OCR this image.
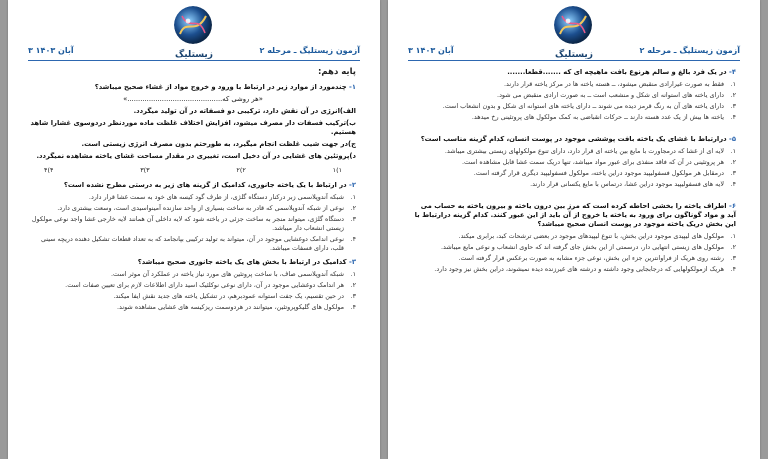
آزمون زیستلیگ ـ مرحله ۲
زیستلیگ
۳ آبان ۱۴۰۳
پایه دهم:
۱- چندمورد از موارد زیر در ارتباط با ورود و خروج مواد از غشاء صحیح میباشد؟
«هر روشی که............................................»
الف)انرژی در آن نقش دارد، ترکیبی دو فسفاته در آن تولید میگردد.
ب)ترکیب فسفات دار مصرف میشود، افزایش اختلاف غلظت ماده موردنظر دردوسوی غشارا شاهد هستیم.
ج)در جهت شیب غلظت انجام میگیرد، به طورحتم بدون مصرف انرژی زیستی است.
د)پروتئین های غشایی در آن دخیل است، تغییری در مقدار مساحت غشای یاخته مشاهده نمیگردد.
۱)۱
۲)۲
۳)۳
۴)۴
۲- در ارتباط با یک یاخته جانوری، کدامیک از گزینه های زیر به درستی مطرح نشده است؟
۱.
شبکه آندوپلاسمی زبر درکنار دستگاه گلژی، از طرف گود کیسه های خود به سمت غشا قرار دارد.
۲.
نوعی از شبکه آندوپلاسمی که قادر به ساخت بسیاری از واحد سازنده آمینواسیدی است، وسعت بیشتری دارد.
۳.
دستگاه گلژی، میتواند منجر به ساخت جزئی در یاخته شود که لایه داخلی آن همانند لایه خارجی غشا واجد نوعی مولکول زیستی انشعاب دار میباشد.
۴.
نوعی اندامک دوغشایی موجود در آن، میتواند به تولید ترکیبی بپانجامد که به تعداد قطعات تشکیل دهنده دریچه سینی قلب، دارای فسفات میباشد.
۳- کدامیک در ارتباط با بخش های یک یاخته جانوری صحیح میباشد؟
۱.
شبکه آندوپلاسمی صاف، با ساخت پروتئین های مورد نیاز یاخته در عملکرد آن موثر است.
۲.
هر اندامک دوغشایی موجود در آن، دارای نوعی نوکلئیک اسید دارای اطلاعات لازم برای تعیین صفات است.
۳.
در حین تقسیم، یک جفت استوانه عمودبرهم، در تشکیل یاخته های جدید نقش ایفا میکند.
۴.
مولکول های گلیکوپروتئین، میتوانند در هردوسمت ریزکیسه های غشایی مشاهده شوند.
آزمون زیستلیگ ـ مرحله ۲
زیستلیگ
۳ آبان ۱۴۰۳
۴- در یک فرد بالغ و سالم هرنوع بافت ماهیچه ای که .......قطعا.......
۱.
فقط به صورت غیرارادی منقبض میشود، ــ هسته یاخته ها در مرکز یاخته قرار دارند.
۲.
دارای یاخته های استوانه ای شکل و منشعب است ــ به صورت ارادی منقبض می شود.
۳.
دارای یاخته های آن به رنگ قرمز دیده می شوند ــ دارای یاخته های استوانه ای شکل و بدون انشعاب است.
۴.
یاخته ها بیش از یک عدد هسته دارند ــ حرکات انقباضی به کمک مولکول های پروتئینی رخ میدهد.
۵- درارتباط با غشای یک یاخته بافت پوششی موجود در پوست انسان، کدام گزینه مناسب است؟
۱.
لایه ای از غشا که درمجاورت با مایع بین یاخته ای قرار دارد، دارای تنوع مولکولهای زیستی بیشتری میباشد.
۲.
هر پروتئینی در آن که فاقد منفذی برای عبور مواد میباشد، تنها دریک سمت غشا قابل مشاهده است.
۳.
درمقابل هر مولکول فسفولیپید موجود دراین یاخته، مولکول فسفولیپید دیگری قرار گرفته است.
۴.
لایه های فسفولیپید موجود دراین غشا، درتماس با مایع یکسانی قرار دارند.
۶- اطراف یاخته را بخشی احاطه کرده است که مرز بین درون یاخته و بیرون یاخته به حساب می آید و مواد گوناگون برای ورود به یاخته یا خروج از آن باید از این عبور کنند. کدام گزینه درارتباط با این بخش دریک یاخته موجود در پوست انسان صحیح میباشد؟
۱.
مولکول های لیپیدی موجود دراین بخش، با تنوع لیپیدهای موجود در بعضی ترشحات کبد، برابری میکند.
۲.
مولکول های زیستی انتهایی دار، درسمتی از این بخش جای گرفته اند که حاوی انشعاب و نوعی مایع میباشد.
۳.
رشته روی هریک از فراوانترین جزء این بخش، نوعی جزء مشابه به صورت برعکس قرار گرفته است.
۴.
هریک ازمولکولهایی که درجابجایی وجود داشته و درشته های غیرزنده دیده نمیشوند، دراین بخش نیز وجود دارد.
